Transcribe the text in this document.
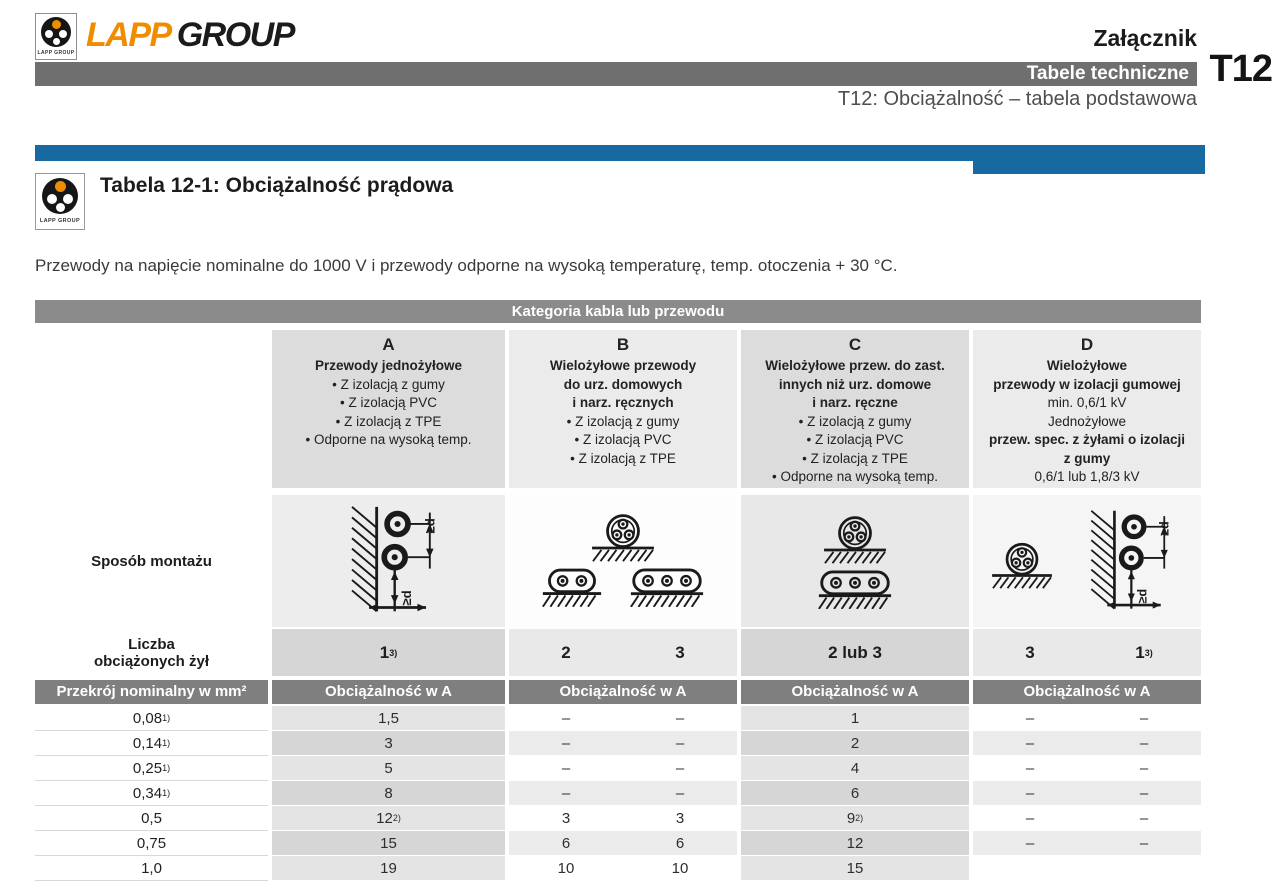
LAPP GROUP LAPP GROUP	Załącznik
Tabele techniczne T12
T12: Obciążalność – tabela podstawowa
LAPP GROUP
Tabela 12-1: Obciążalność prądowa
Przewody na napięcie nominalne do 1000 V i przewody odporne na wysoką temperaturę, temp. otoczenia + 30 °C.
Kategoria kabla lub przewodu
A
Przewody jednożyłowe
• Z izolacją z gumy
• Z izolacją PVC
• Z izolacją z TPE
• Odporne na wysoką temp.
B
Wielożyłowe przewody
do urz. domowych
i narz. ręcznych
• Z izolacją z gumy
• Z izolacją PVC
• Z izolacją z TPE
C
Wielożyłowe przew. do zast.
innych niż urz. domowe
i narz. ręczne
• Z izolacją z gumy
• Z izolacją PVC
• Z izolacją z TPE
• Odporne na wysoką temp.
D
Wielożyłowe
przewody w izolacji gumowej
min. 0,6/1 kV
Jednożyłowe
przew. spec. z żyłami o izolacji
z gumy
0,6/1 lub 1,8/3 kV
Sposób montażu
Liczba
obciążonych żył	1 3)	2	3	2 lub 3	3	1 3)
Przekrój nominalny w mm²	Obciążalność w A	Obciążalność w A	Obciążalność w A	Obciążalność w A
0,08 1)	1,5	–	–	1	–	–
0,14 1)	3	–	–	2	–	–
0,25 1)	5	–	–	4	–	–
0,34 1)	8	–	–	6	–	–
0,5	12 2)	3	3	9 2)	–	–
0,75	15	6	6	12	–	–
1,0	19	10	10	15
